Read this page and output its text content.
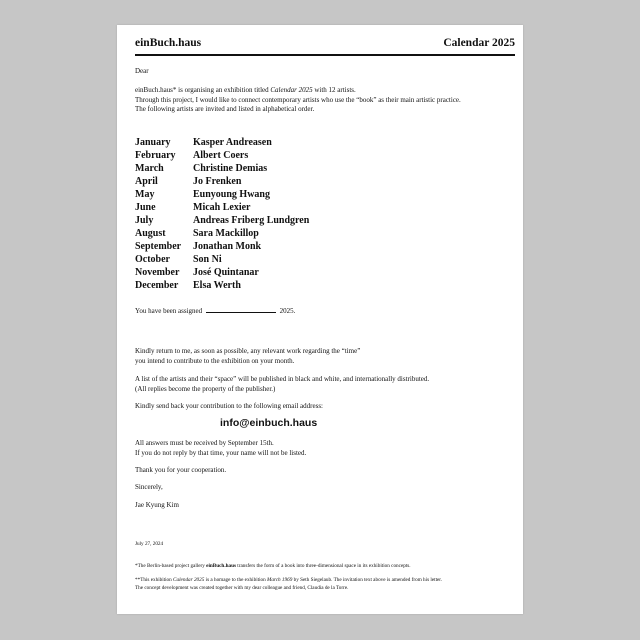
einBuch.haus	Calendar 2025

Dear

einBuch.haus* is organising an exhibition titled Calendar 2025 with 12 artists.
Through this project, I would like to connect contemporary artists who use the “book” as their main artistic practice.
The following artists are invited and listed in alphabetical order.
January	Kasper Andreasen
February	Albert Coers
March	Christine Demias
April	Jo Frenken
May	Eunyoung Hwang
June	Micah Lexier
July	Andreas Friberg Lundgren
August	Sara Mackillop
September	Jonathan Monk
October	Son Ni
November	José Quintanar
December	Elsa Werth
You have been assigned	2025.
Kindly return to me, as soon as possible, any relevant work regarding the “time”
you intend to contribute to the exhibition on your month.
A list of the artists and their “space” will be published in black and white, and internationally distributed.
(All replies become the property of the publisher.)

Kindly send back your contribution to the following email address:

info@einbuch.haus
All answers must be received by September 15th.
If you do not reply by that time, your name will not be listed.

Thank you for your cooperation.

Sincerely,

Jae Kyung Kim

July 27, 2024

*The Berlin-based project gallery einBuch.haus transfers the form of a book into three-dimensional space in its exhibition concepts.
**This exhibition Calendar 2025 is a homage to the exhibition March 1969 by Seth Siegelaub. The invitation text above is amended from his letter.
The concept development was created together with my dear colleague and friend, Claudia de la Torre.
